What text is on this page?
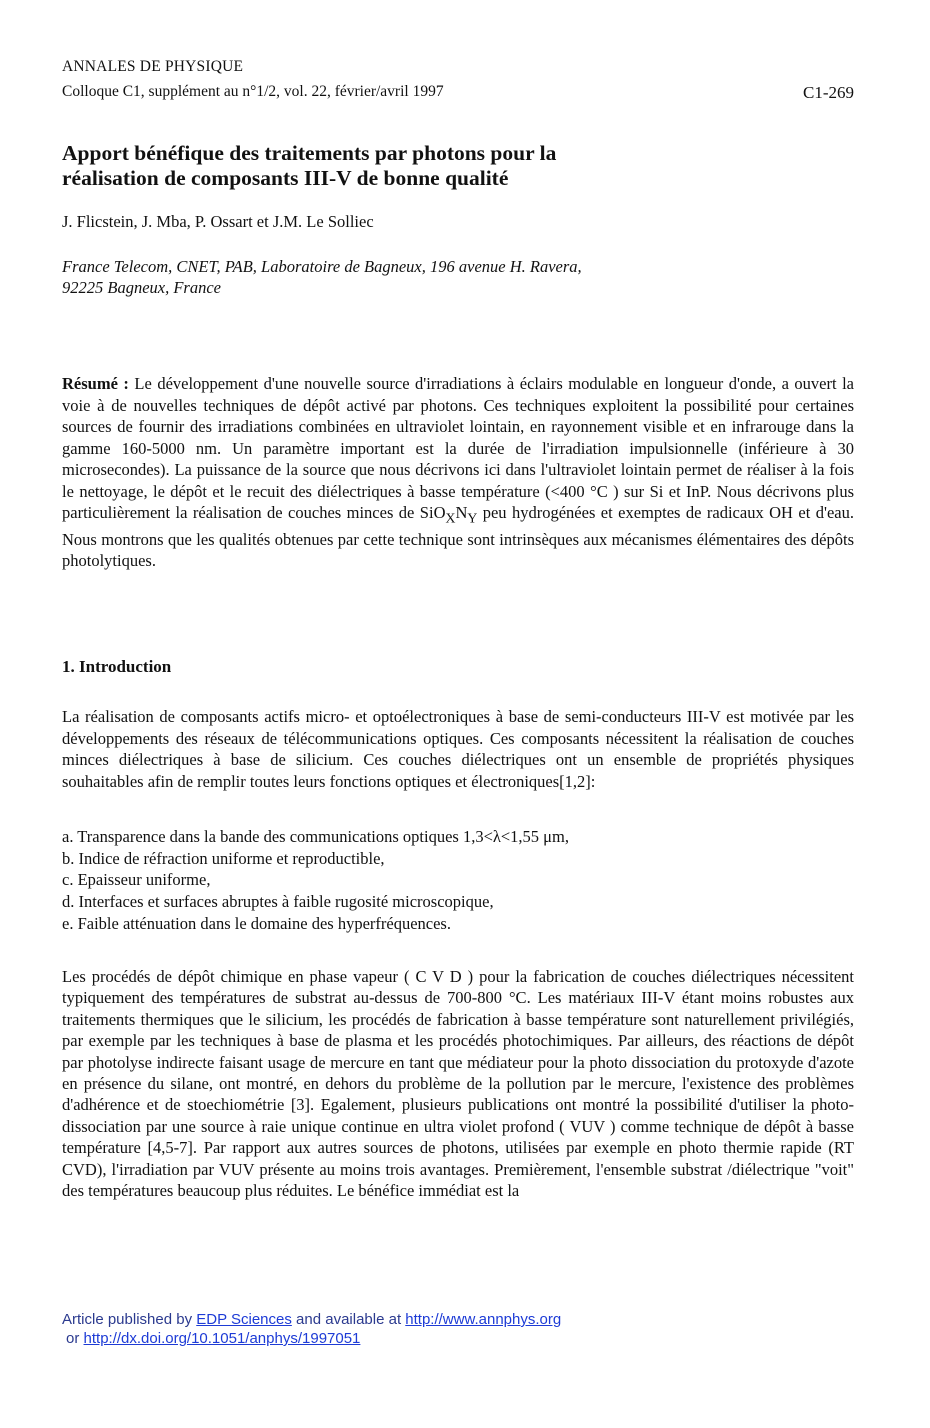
ANNALES DE PHYSIQUE
Colloque C1, supplément au n°1/2, vol. 22, février/avril 1997	C1-269
Apport bénéfique des traitements par photons pour la
réalisation de composants III-V de bonne qualité
J. Flicstein, J. Mba, P. Ossart et J.M. Le Solliec
France Telecom, CNET, PAB, Laboratoire de Bagneux, 196 avenue H. Ravera,
92225 Bagneux, France
Résumé : Le développement d'une nouvelle source d'irradiations à éclairs modulable en longueur d'onde, a ouvert la voie à de nouvelles techniques de dépôt activé par photons. Ces techniques exploitent la possibilité pour certaines sources de fournir des irradiations combinées en ultraviolet lointain, en rayonnement visible et en infrarouge dans la gamme 160-5000 nm. Un paramètre important est la durée de l'irradiation impulsionnelle (inférieure à 30 microsecondes). La puissance de la source que nous décrivons ici dans l'ultraviolet lointain permet de réaliser à la fois le nettoyage, le dépôt et le recuit des diélectriques à basse température (<400 °C ) sur Si et InP. Nous décrivons plus particulièrement la réalisation de couches minces de $SiO_XN_Y$ peu hydrogénées et exemptes de radicaux OH et d'eau. Nous montrons que les qualités obtenues par cette technique sont intrinsèques aux mécanismes élémentaires des dépôts photolytiques.
1. Introduction
La réalisation de composants actifs micro- et optoélectroniques à base de semi-conducteurs III-V est motivée par les développements des réseaux de télécommunications optiques. Ces composants nécessitent la réalisation de couches minces diélectriques à base de silicium. Ces couches diélectriques ont un ensemble de propriétés physiques souhaitables afin de remplir toutes leurs fonctions optiques et électroniques[1,2]:
a. Transparence dans la bande des communications optiques 1,3<λ<1,55 μm,
b. Indice de réfraction uniforme et reproductible,
c. Epaisseur uniforme,
d. Interfaces et surfaces abruptes à faible rugosité microscopique,
e. Faible atténuation dans le domaine des hyperfréquences.
Les procédés de dépôt chimique en phase vapeur ( C V D ) pour la fabrication de couches diélectriques nécessitent typiquement des températures de substrat au-dessus de 700-800 °C. Les matériaux III-V étant moins robustes aux traitements thermiques que le silicium, les procédés de fabrication à basse température sont naturellement privilégiés, par exemple par les techniques à base de plasma et les procédés photochimiques. Par ailleurs, des réactions de dépôt par photolyse indirecte faisant usage de mercure en tant que médiateur pour la photo dissociation du protoxyde d'azote en présence du silane, ont montré, en dehors du problème de la pollution par le mercure, l'existence des problèmes d'adhérence et de stoechiométrie [3]. Egalement, plusieurs publications ont montré la possibilité d'utiliser la photo-dissociation par une source à raie unique continue en ultra violet profond ( VUV ) comme technique de dépôt à basse température [4,5-7]. Par rapport aux autres sources de photons, utilisées par exemple en photo thermie rapide (RT CVD), l'irradiation par VUV présente au moins trois avantages. Premièrement, l'ensemble substrat /diélectrique "voit" des températures beaucoup plus réduites. Le bénéfice immédiat est la
Article published by EDP Sciences and available at http://www.annphys.org
or http://dx.doi.org/10.1051/anphys/1997051
